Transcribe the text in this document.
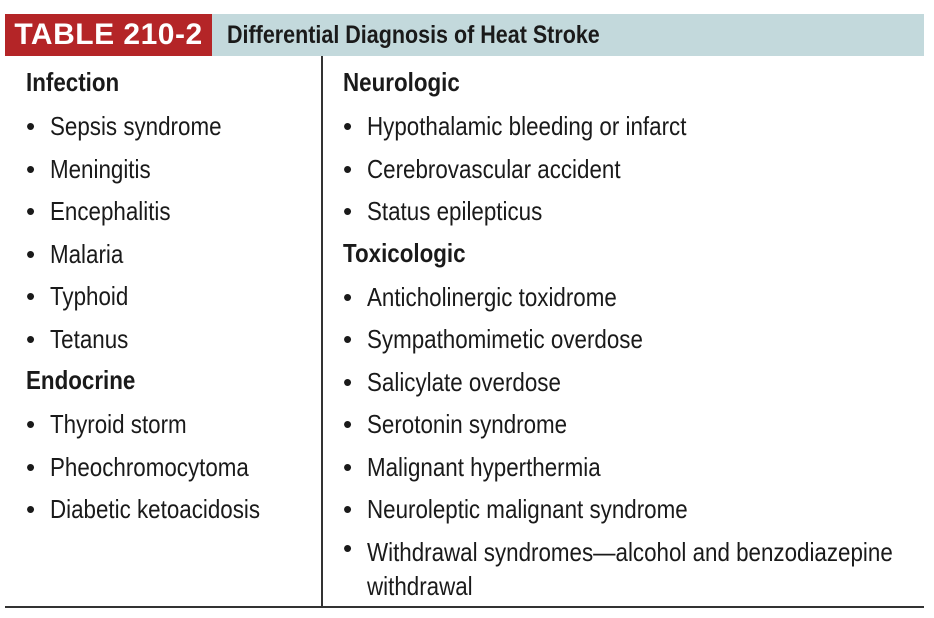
TABLE 210-2 Differential Diagnosis of Heat Stroke
Infection
• Sepsis syndrome
• Meningitis
• Encephalitis
• Malaria
• Typhoid
• Tetanus
Endocrine
• Thyroid storm
• Pheochromocytoma
• Diabetic ketoacidosis
Neurologic
• Hypothalamic bleeding or infarct
• Cerebrovascular accident
• Status epilepticus
Toxicologic
• Anticholinergic toxidrome
• Sympathomimetic overdose
• Salicylate overdose
• Serotonin syndrome
• Malignant hyperthermia
• Neuroleptic malignant syndrome
• Withdrawal syndromes—alcohol and benzodiazepine withdrawal
